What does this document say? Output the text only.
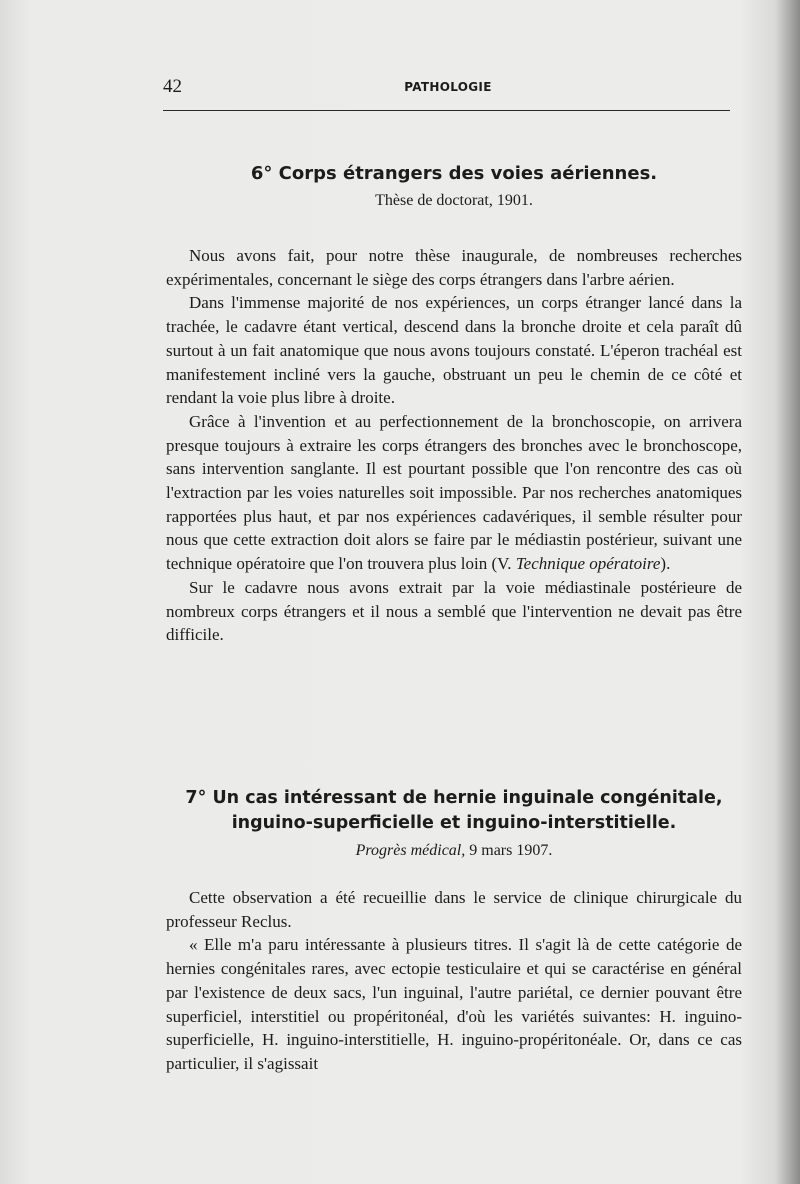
42	PATHOLOGIE
6° Corps étrangers des voies aériennes.

Thèse de doctorat, 1901.

Nous avons fait, pour notre thèse inaugurale, de nombreuses recherches expérimentales, concernant le siège des corps étrangers dans l'arbre aérien.

Dans l'immense majorité de nos expériences, un corps étranger lancé dans la trachée, le cadavre étant vertical, descend dans la bronche droite et cela paraît dû surtout à un fait anatomique que nous avons toujours constaté. L'éperon trachéal est manifestement incliné vers la gauche, obstruant un peu le chemin de ce côté et rendant la voie plus libre à droite.

Grâce à l'invention et au perfectionnement de la bronchoscopie, on arrivera presque toujours à extraire les corps étrangers des bronches avec le bronchoscope, sans intervention sanglante. Il est pourtant possible que l'on rencontre des cas où l'extraction par les voies naturelles soit impossible. Par nos recherches anatomiques rapportées plus haut, et par nos expériences cadavériques, il semble résulter pour nous que cette extraction doit alors se faire par le médiastin postérieur, suivant une technique opératoire que l'on trouvera plus loin (V. Technique opératoire).

Sur le cadavre nous avons extrait par la voie médiastinale postérieure de nombreux corps étrangers et il nous a semblé que l'intervention ne devait pas être difficile.

7° Un cas intéressant de hernie inguinale congénitale,
inguino-superficielle et inguino-interstitielle.

Progrès médical, 9 mars 1907.

Cette observation a été recueillie dans le service de clinique chirurgicale du professeur Reclus.

« Elle m'a paru intéressante à plusieurs titres. Il s'agit là de cette catégorie de hernies congénitales rares, avec ectopie testiculaire et qui se caractérise en général par l'existence de deux sacs, l'un inguinal, l'autre pariétal, ce dernier pouvant être superficiel, interstitiel ou propéritonéal, d'où les variétés suivantes: H. inguino-superficielle, H. inguino-interstitielle, H. inguino-propéritonéale. Or, dans ce cas particulier, il s'agissait
